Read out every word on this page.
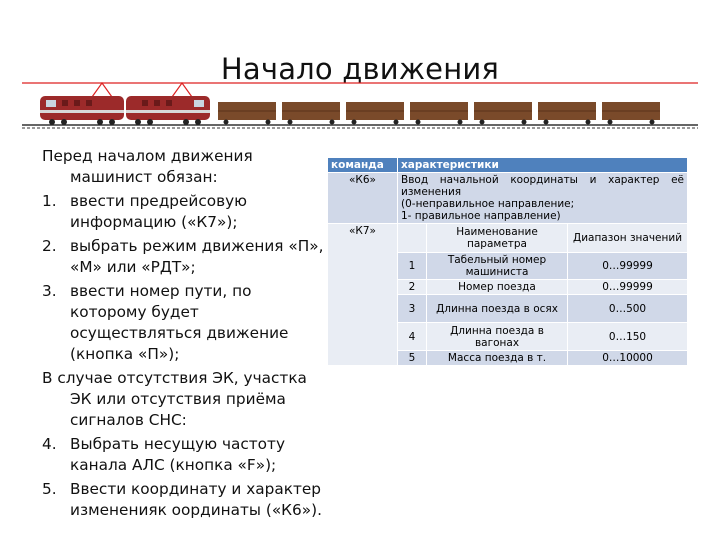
Начало движения

Перед началом движения машинист обязан:

1. ввести предрейсовую информацию («К7»);
2. выбрать режим движения «П», «М» или «РДТ»;
3. ввести номер пути, по которому будет осуществляться движение (кнопка «П»);

В случае отсутствия ЭК, участка ЭК или отсутствия приёма сигналов СНС:

4. Выбрать несущую частоту канала АЛС (кнопка «F»);
5. Ввести координату и характер измененияк оординаты («К6»).
команда	характеристики		
«К6»	Ввод начальной координаты и характер её изменения
(0-неправильное направление;
1- правильное направление)		

«К7»		Наименование параметра	Диапазон значений
	1	Табельный номер машиниста	0…99999
	2	Номер поезда	0…99999
	3	Длинна поезда в осях	0…500
	4	Длинна поезда в вагонах	0…150
	5	Масса поезда в т.	0…10000
